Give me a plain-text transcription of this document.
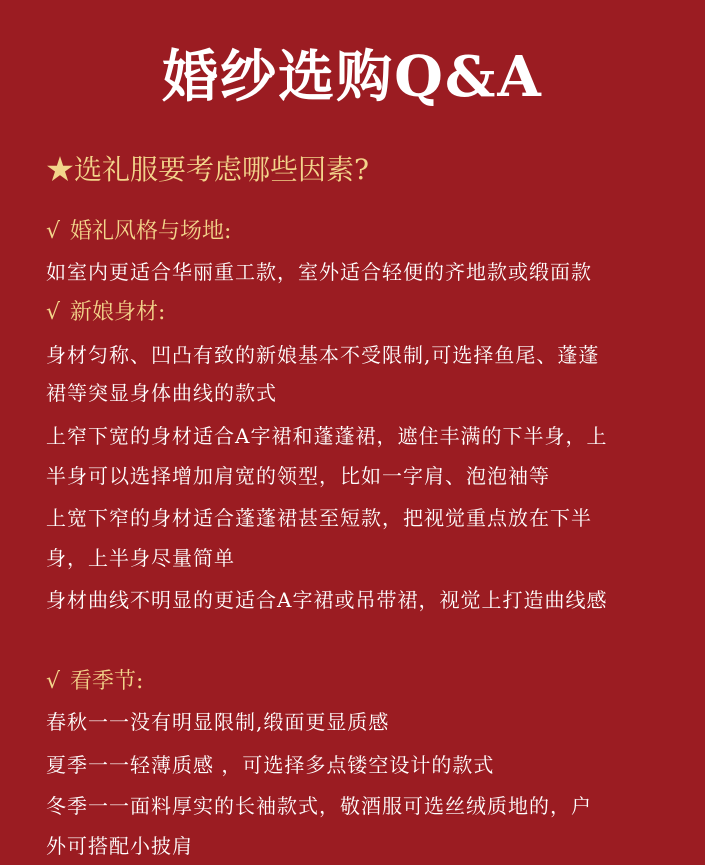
婚纱选购Q&A
★选礼服要考虑哪些因素?
√ 婚礼风格与场地:
如室内更适合华丽重工款，室外适合轻便的齐地款或缎面款
√ 新娘身材:
身材匀称、凹凸有致的新娘基本不受限制,可选择鱼尾、蓬蓬
裙等突显身体曲线的款式
上窄下宽的身材适合A字裙和蓬蓬裙，遮住丰满的下半身，上
半身可以选择增加肩宽的领型，比如一字肩、泡泡袖等
上宽下窄的身材适合蓬蓬裙甚至短款，把视觉重点放在下半
身，上半身尽量简单
身材曲线不明显的更适合A字裙或吊带裙，视觉上打造曲线感
√ 看季节:
春秋一一没有明显限制,缎面更显质感
夏季一一轻薄质感 ，可选择多点镂空设计的款式
冬季一一面料厚实的长袖款式，敬酒服可选丝绒质地的，户
外可搭配小披肩
